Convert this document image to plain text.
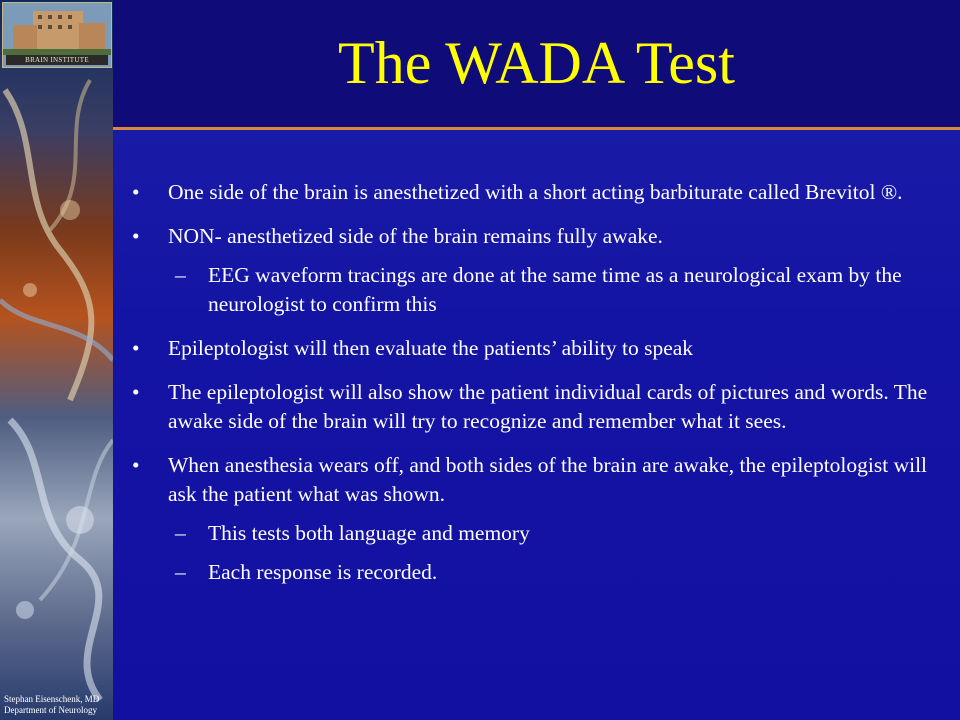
BRAIN INSTITUTE
Stephan Eisenschenk, MD
Department of Neurology
The WADA Test
• One side of the brain is anesthetized with a short acting barbiturate called Brevitol ®.
• NON- anesthetized side of the brain remains fully awake.
– EEG waveform tracings are done at the same time as a neurological exam by the neurologist to confirm this
• Epileptologist will then evaluate the patients’ ability to speak
• The epileptologist will also show the patient individual cards of pictures and words. The awake side of the brain will try to recognize and remember what it sees.
• When anesthesia wears off, and both sides of the brain are awake, the epileptologist will ask the patient what was shown.
– This tests both language and memory
– Each response is recorded.
